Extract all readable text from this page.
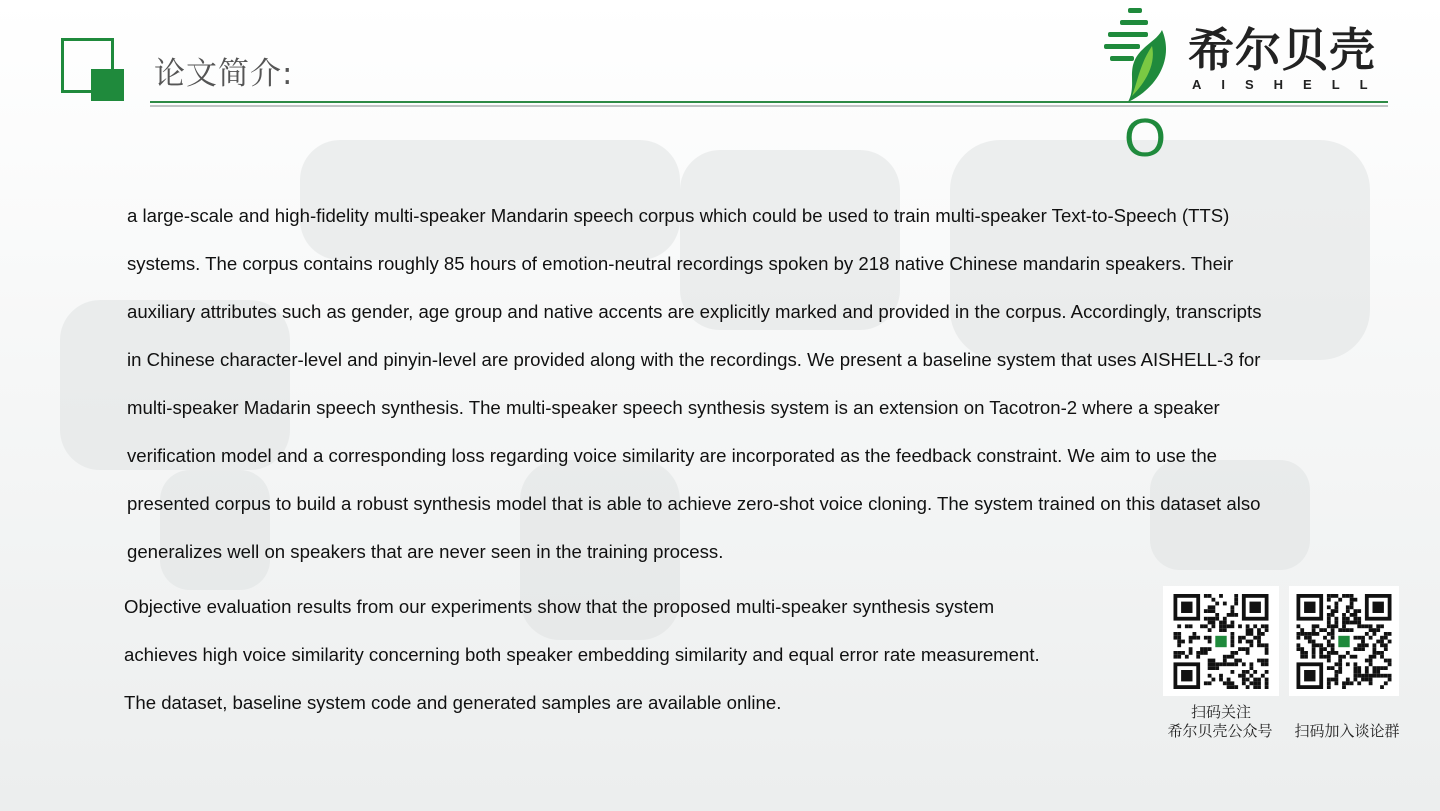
论文简介:	希尔贝壳
AISHELL
O

a large-scale and high-fidelity multi-speaker Mandarin speech corpus which could be used to train multi-speaker Text-to-Speech (TTS)

systems. The corpus contains roughly 85 hours of emotion-neutral recordings spoken by 218 native Chinese mandarin speakers. Their

auxiliary attributes such as gender, age group and native accents are explicitly marked and provided in the corpus. Accordingly, transcripts

in Chinese character-level and pinyin-level are provided along with the recordings. We present a baseline system that uses AISHELL-3 for

multi-speaker Madarin speech synthesis. The multi-speaker speech synthesis system is an extension on Tacotron-2 where a speaker

verification model and a corresponding loss regarding voice similarity are incorporated as the feedback constraint. We aim to use the

presented corpus to build a robust synthesis model that is able to achieve zero-shot voice cloning. The system trained on this dataset also

generalizes well on speakers that are never seen in the training process.

Objective evaluation results from our experiments show that the proposed multi-speaker synthesis system

achieves high voice similarity concerning both speaker embedding similarity and equal error rate measurement.

The dataset, baseline system code and generated samples are available online.	扫码关注
希尔贝壳公众号	扫码加入谈论群
